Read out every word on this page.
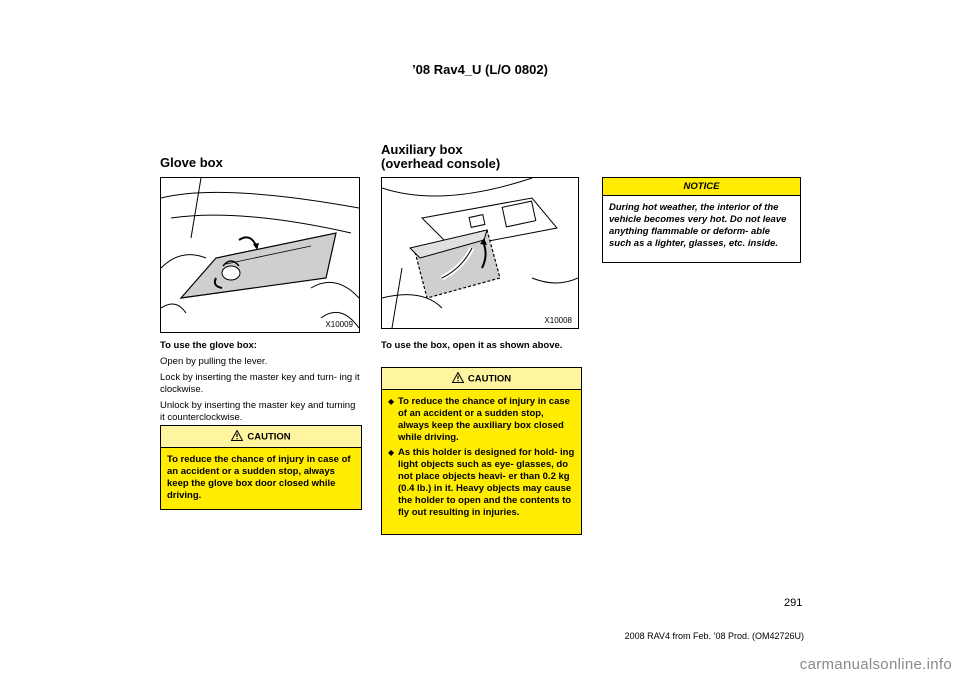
’08 Rav4_U (L/O 0802)
Glove box
Auxiliary box
(overhead console)
X10009	X10008

To use the glove box:

Open by pulling the lever.

Lock by inserting the master key and turn- ing it clockwise.

Unlock by inserting the master key and turning it counterclockwise.

CAUTION
To reduce the chance of injury in case of an accident or a sudden stop, always keep the glove box door closed while driving.

To use the box, open it as shown above.

CAUTION
◆ To reduce the chance of injury in case of an accident or a sudden stop, always keep the auxiliary box closed while driving.
◆ As this holder is designed for hold- ing light objects such as eye- glasses, do not place objects heavi- er than 0.2 kg (0.4 lb.) in it. Heavy objects may cause the holder to open and the contents to fly out resulting in injuries.
NOTICE
During hot weather, the interior of the vehicle becomes very hot. Do not leave anything flammable or deform- able such as a lighter, glasses, etc. inside.
291
2008 RAV4 from Feb. ’08 Prod. (OM42726U)
carmanualsonline.info
